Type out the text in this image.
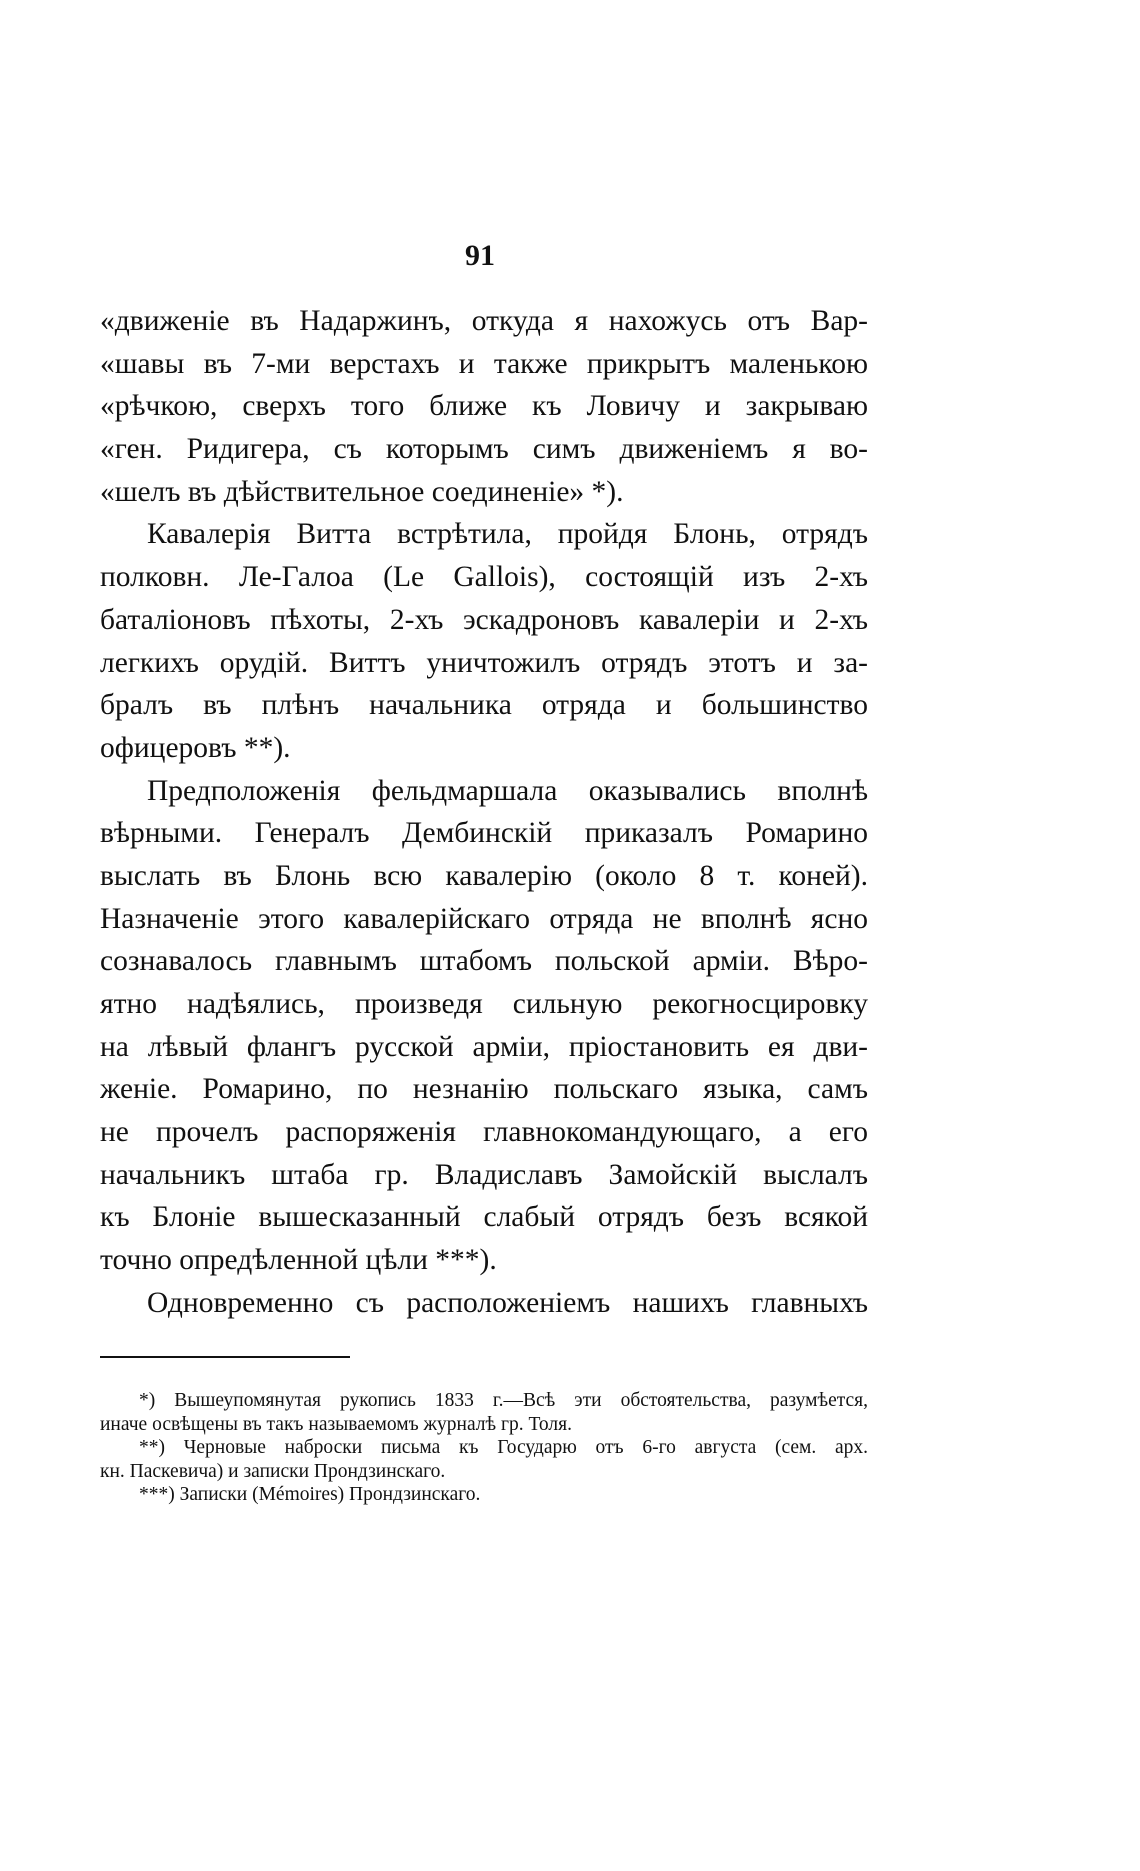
91

«движеніе въ Надаржинъ, откуда я нахожусь отъ Вар-
«шавы въ 7-ми верстахъ и также прикрытъ маленькою
«рѣчкою, сверхъ того ближе къ Ловичу и закрываю
«ген. Ридигера, съ которымъ симъ движеніемъ я во-
«шелъ въ дѣйствительное соединеніе» *).

Кавалерія Витта встрѣтила, пройдя Блонь, отрядъ
полковн. Ле-Галоа (Le Gallois), состоящій изъ 2-хъ
баталіоновъ пѣхоты, 2-хъ эскадроновъ кавалеріи и 2-хъ
легкихъ орудій. Виттъ уничтожилъ отрядъ этотъ и за-
бралъ въ плѣнъ начальника отряда и большинство
офицеровъ **).

Предположенія фельдмаршала оказывались вполнѣ
вѣрными. Генералъ Дембинскій приказалъ Ромарино
выслать въ Блонь всю кавалерію (около 8 т. коней).
Назначеніе этого кавалерійскаго отряда не вполнѣ ясно
сознавалось главнымъ штабомъ польской арміи. Вѣро-
ятно надѣялись, произведя сильную рекогносцировку
на лѣвый флангъ русской арміи, пріостановить ея дви-
женіе. Ромарино, по незнанію польскаго языка, самъ
не прочелъ распоряженія главнокомандующаго, а его
начальникъ штаба гр. Владиславъ Замойскій выслалъ
къ Блоніе вышесказанный слабый отрядъ безъ всякой
точно опредѣленной цѣли ***).

Одновременно съ расположеніемъ нашихъ главныхъ

*) Вышеупомянутая рукопись 1833 г.—Всѣ эти обстоятельства, разумѣется,
иначе освѣщены въ такъ называемомъ журналѣ гр. Толя.
**) Черновые наброски письма къ Государю отъ 6-го августа (сем. арх.
кн. Паскевича) и записки Прондзинскаго.
***) Записки (Mémoires) Прондзинскаго.
